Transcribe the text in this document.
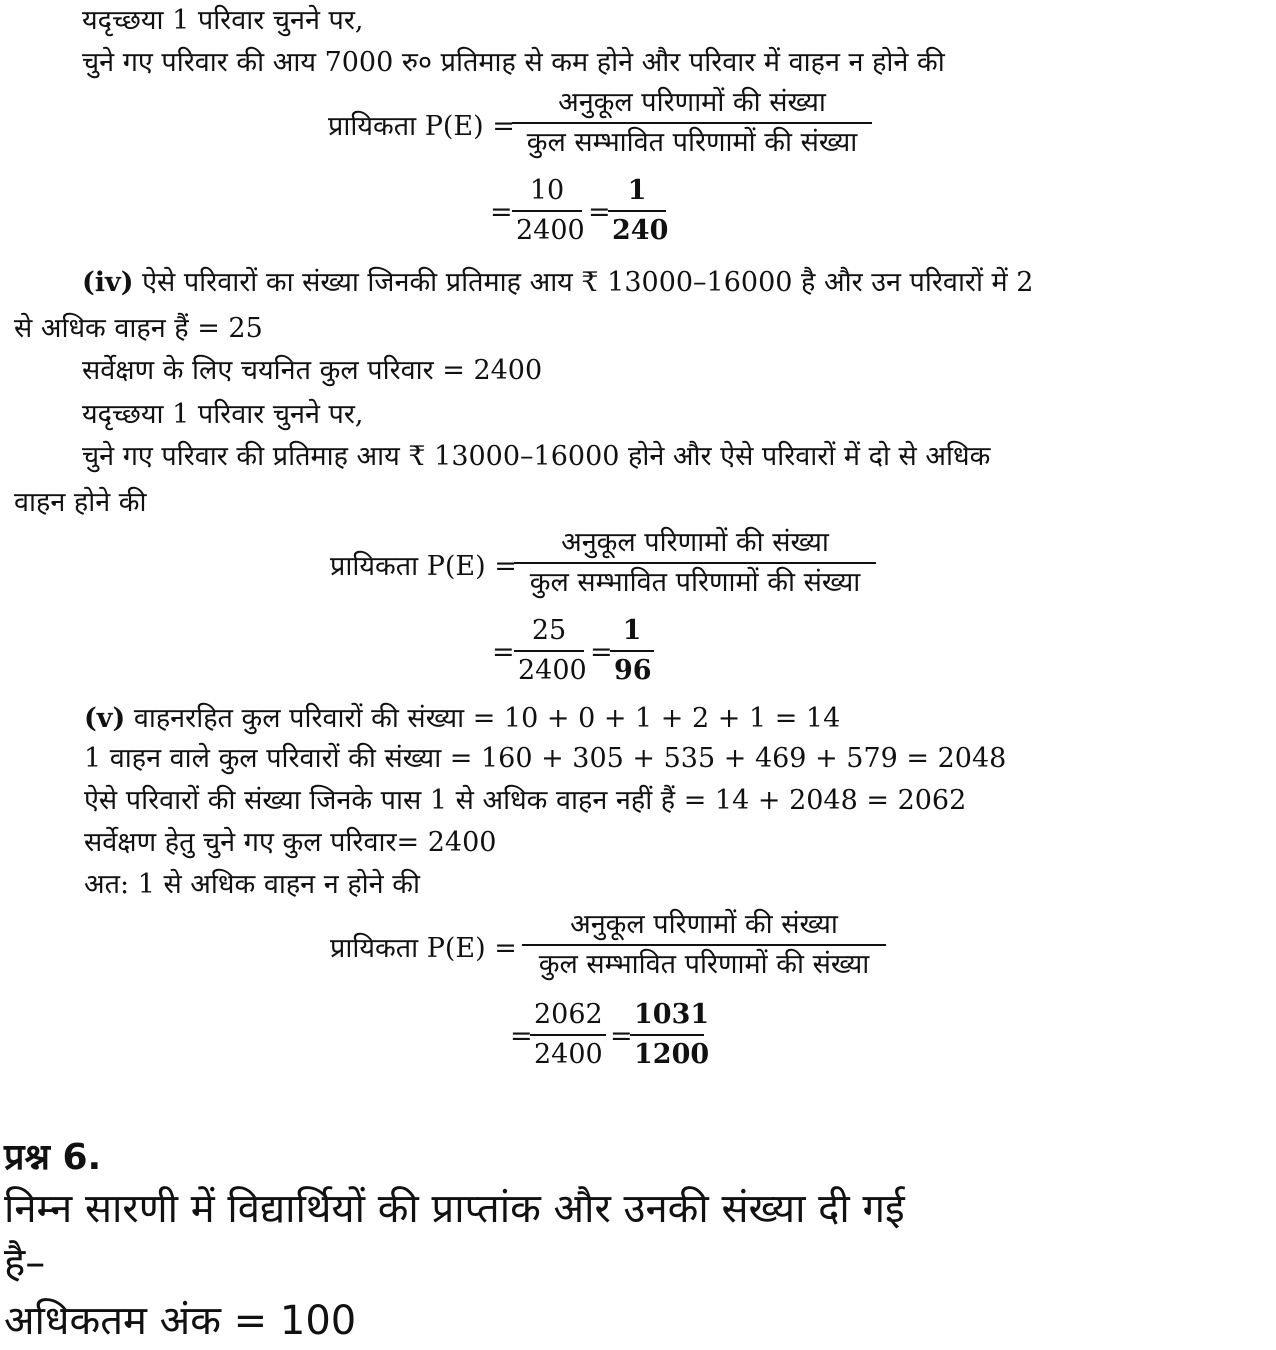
यदृच्छया 1 परिवार चुनने पर,
चुने गए परिवार की आय 7000 रु० प्रतिमाह से कम होने और परिवार में वाहन न होने की
प्रायिकता P(E) =
अनुकूल परिणामों की संख्या
कुल सम्भावित परिणामों की संख्या
=
10
2400
=
1
240
(iv) ऐसे परिवारों का संख्या जिनकी प्रतिमाह आय ₹ 13000–16000 है और उन परिवारों में 2
से अधिक वाहन हैं = 25
सर्वेक्षण के लिए चयनित कुल परिवार = 2400
यदृच्छया 1 परिवार चुनने पर,
चुने गए परिवार की प्रतिमाह आय ₹ 13000–16000 होने और ऐसे परिवारों में दो से अधिक
वाहन होने की
प्रायिकता P(E) =
अनुकूल परिणामों की संख्या
कुल सम्भावित परिणामों की संख्या
=
25
2400
=
1
96
(v) वाहनरहित कुल परिवारों की संख्या = 10 + 0 + 1 + 2 + 1 = 14
1 वाहन वाले कुल परिवारों की संख्या = 160 + 305 + 535 + 469 + 579 = 2048
ऐसे परिवारों की संख्या जिनके पास 1 से अधिक वाहन नहीं हैं = 14 + 2048 = 2062
सर्वेक्षण हेतु चुने गए कुल परिवार= 2400
अत: 1 से अधिक वाहन न होने की
प्रायिकता P(E) =
अनुकूल परिणामों की संख्या
कुल सम्भावित परिणामों की संख्या
=
2062
2400
=
1031
1200
प्रश्न 6.
निम्न सारणी में विद्यार्थियों की प्राप्तांक और उनकी संख्या दी गई
है–
अधिकतम अंक = 100
